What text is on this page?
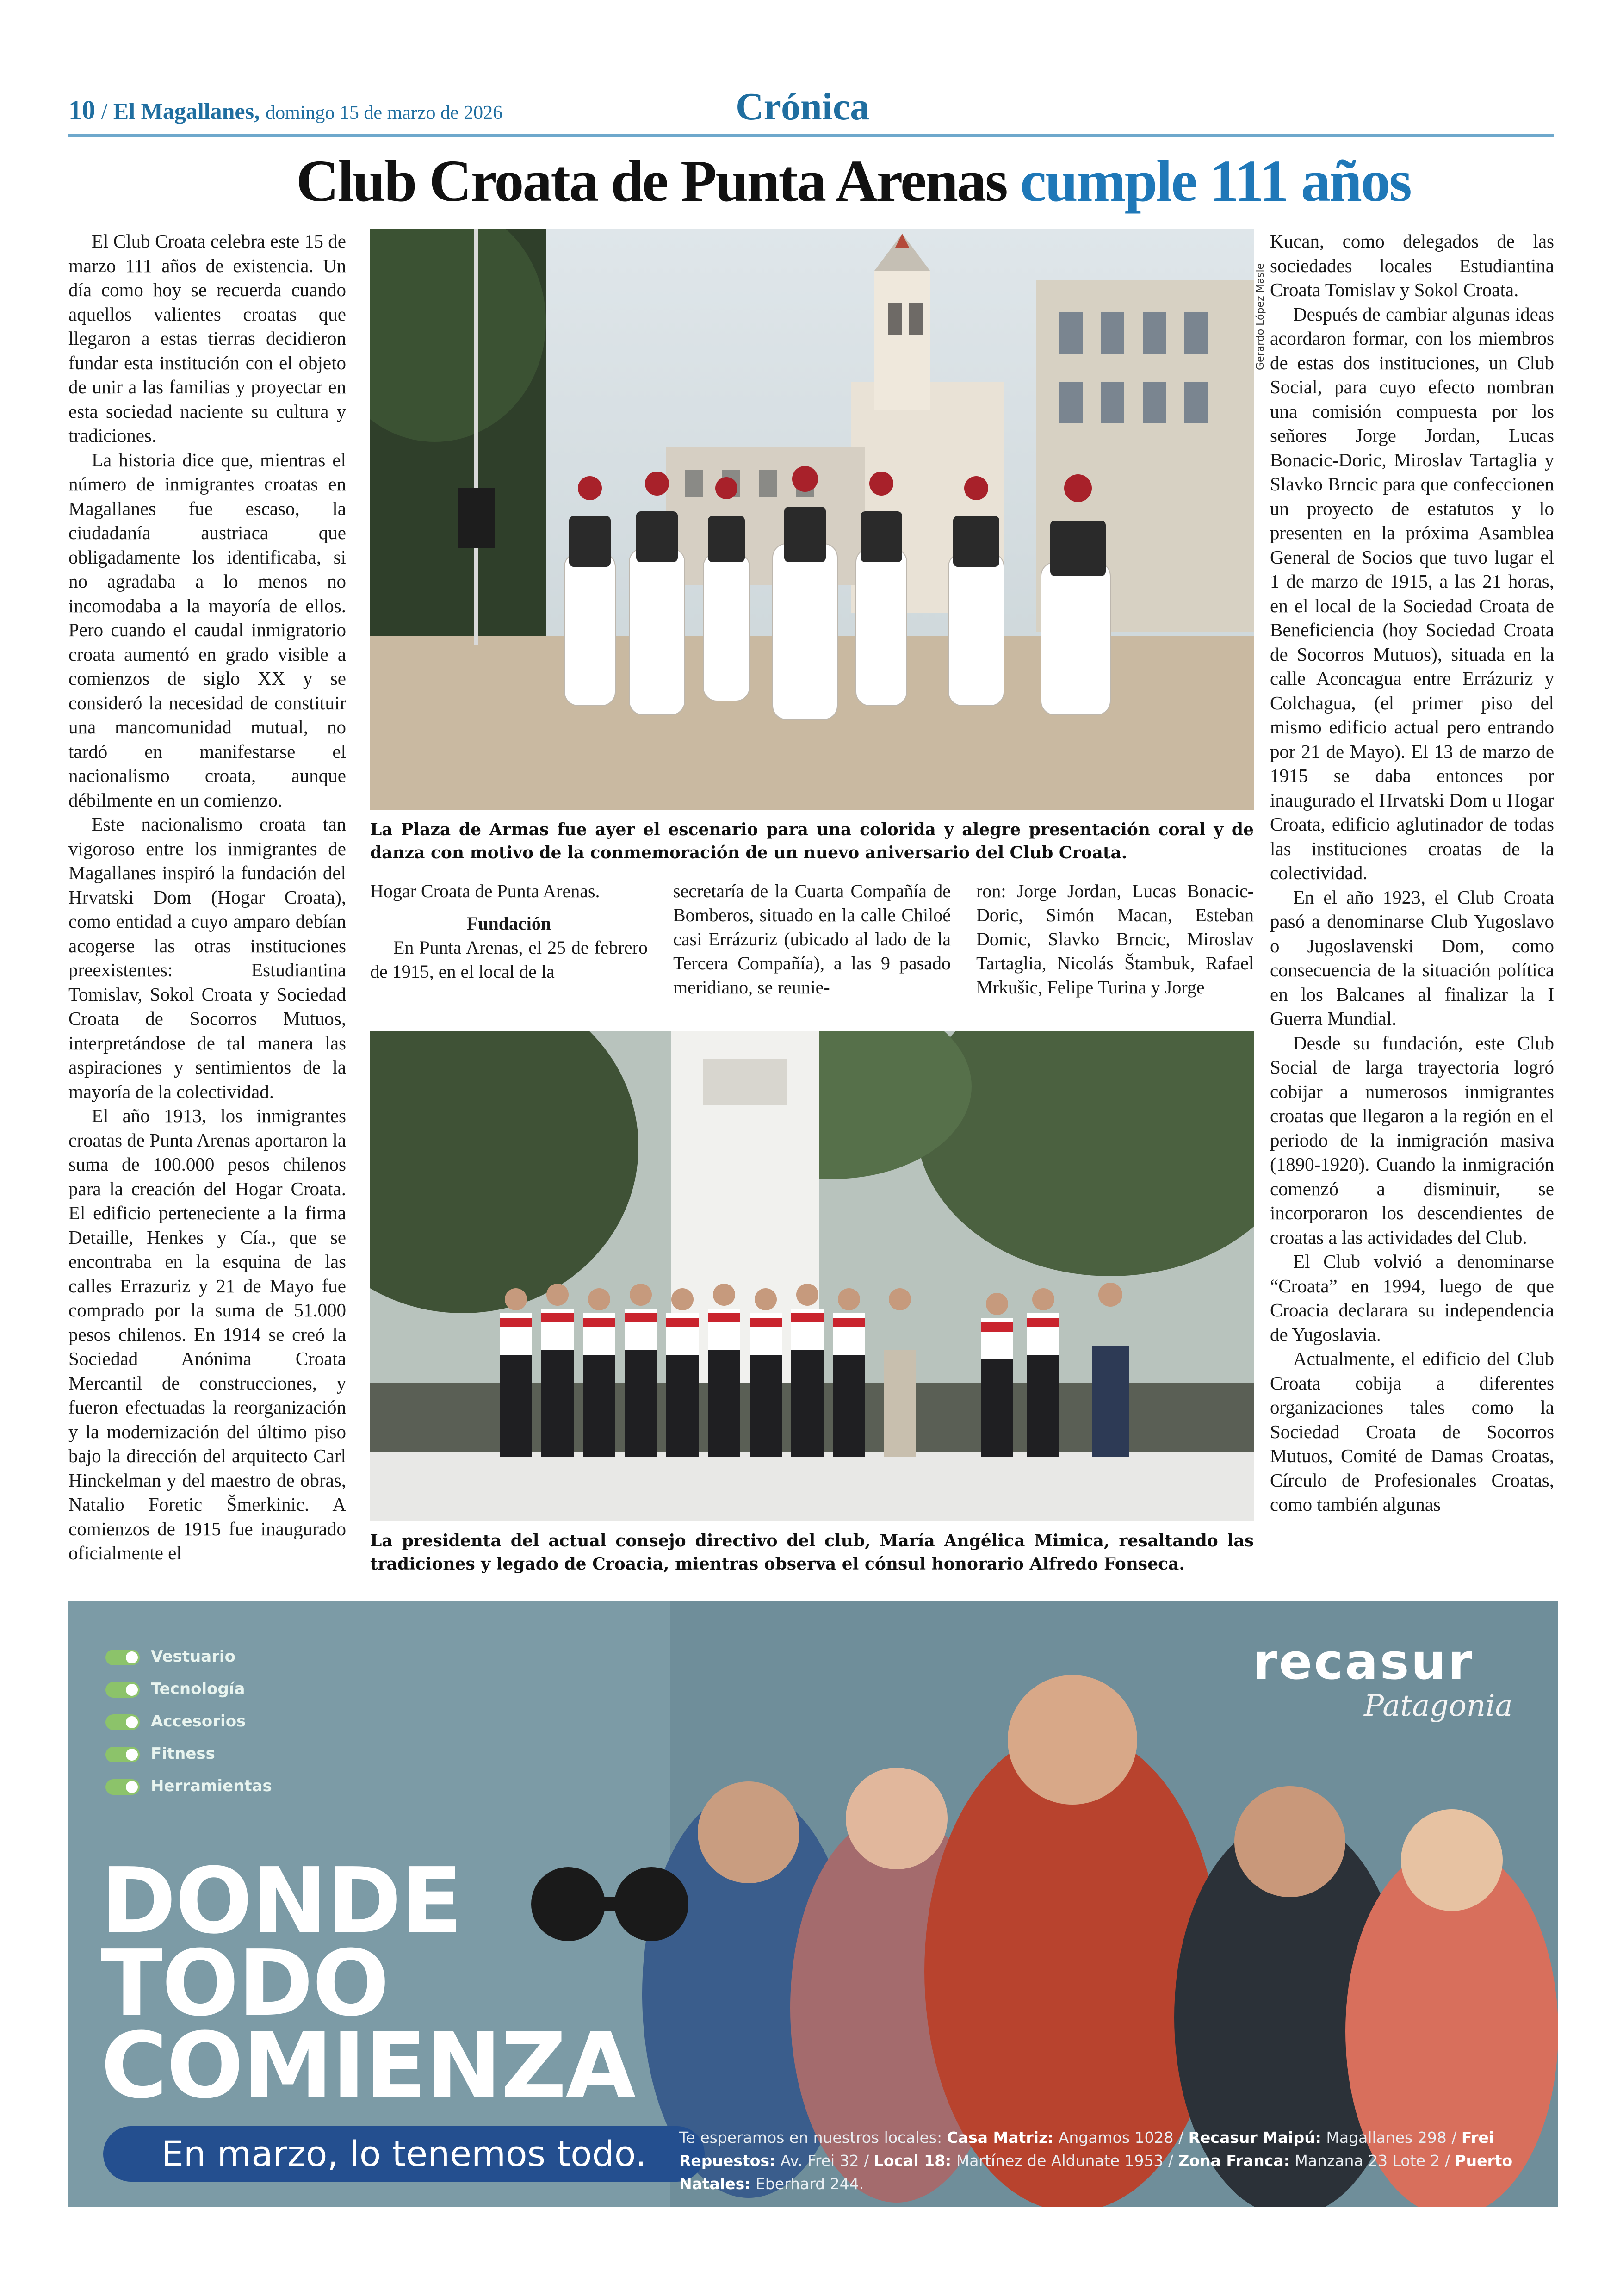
10 / El Magallanes, domingo 15 de marzo de 2026	Crónica
Club Croata de Punta Arenas cumple 111 años

El Club Croata celebra este 15 de marzo 111 años de existencia. Un día como hoy se recuerda cuando aquellos valientes croatas que llegaron a estas tierras decidieron fundar esta institución con el objeto de unir a las familias y proyectar en esta sociedad naciente su cultura y tradiciones.

La historia dice que, mientras el número de inmigrantes croatas en Magallanes fue escaso, la ciudadanía austriaca que obligadamente los identificaba, si no agradaba a lo menos no incomodaba a la mayoría de ellos. Pero cuando el caudal inmigratorio croata aumentó en grado visible a comienzos de siglo XX y se consideró la necesidad de constituir una mancomunidad mutual, no tardó en manifestarse el nacionalismo croata, aunque débilmente en un comienzo.

Este nacionalismo croata tan vigoroso entre los inmigrantes de Magallanes inspiró la fundación del Hrvatski Dom (Hogar Croata), como entidad a cuyo amparo debían acogerse las otras instituciones preexistentes: Estudiantina Tomislav, Sokol Croata y Sociedad Croata de Socorros Mutuos, interpretándose de tal manera las aspiraciones y sentimientos de la mayoría de la colectividad.

El año 1913, los inmigrantes croatas de Punta Arenas aportaron la suma de 100.000 pesos chilenos para la creación del Hogar Croata. El edificio perteneciente a la firma Detaille, Henkes y Cía., que se encontraba en la esquina de las calles Errazuriz y 21 de Mayo fue comprado por la suma de 51.000 pesos chilenos. En 1914 se creó la Sociedad Anónima Croata Mercantil de construcciones, y fueron efectuadas la reorganización y la modernización del último piso bajo la dirección del arquitecto Carl Hinckelman y del maestro de obras, Natalio Foretic Šmerkinic. A comienzos de 1915 fue inaugurado oficialmente el

Gerardo López Masle
La Plaza de Armas fue ayer el escenario para una colorida y alegre presentación coral y de danza con motivo de la conmemoración de un nuevo aniversario del Club Croata.

Hogar Croata de Punta Arenas.

Fundación

En Punta Arenas, el 25 de febrero de 1915, en el local de la

secretaría de la Cuarta Compañía de Bomberos, situado en la calle Chiloé casi Errázuriz (ubicado al lado de la Tercera Compañía), a las 9 pasado meridiano, se reunie-

ron: Jorge Jordan, Lucas Bonacic-Doric, Simón Macan, Esteban Domic, Slavko Brncic, Miroslav Tartaglia, Nicolás Štambuk, Rafael Mrkušic, Felipe Turina y Jorge

La presidenta del actual consejo directivo del club, María Angélica Mimica, resaltando las tradiciones y legado de Croacia, mientras observa el cónsul honorario Alfredo Fonseca.

Kucan, como delegados de las sociedades locales Estudiantina Croata Tomislav y Sokol Croata.

Después de cambiar algunas ideas acordaron formar, con los miembros de estas dos instituciones, un Club Social, para cuyo efecto nombran una comisión compuesta por los señores Jorge Jordan, Lucas Bonacic-Doric, Miroslav Tartaglia y Slavko Brncic para que confeccionen un proyecto de estatutos y lo presenten en la próxima Asamblea General de Socios que tuvo lugar el 1 de marzo de 1915, a las 21 horas, en el local de la Sociedad Croata de Beneficiencia (hoy Sociedad Croata de Socorros Mutuos), situada en la calle Aconcagua entre Errázuriz y Colchagua, (el primer piso del mismo edificio actual pero entrando por 21 de Mayo). El 13 de marzo de 1915 se daba entonces por inaugurado el Hrvatski Dom u Hogar Croata, edificio aglutinador de todas las instituciones croatas de la colectividad.

En el año 1923, el Club Croata pasó a denominarse Club Yugoslavo o Jugoslavenski Dom, como consecuencia de la situación política en los Balcanes al finalizar la I Guerra Mundial.

Desde su fundación, este Club Social de larga trayectoria logró cobijar a numerosos inmigrantes croatas que llegaron a la región en el periodo de la inmigración masiva (1890-1920). Cuando la inmigración comenzó a disminuir, se incorporaron los descendientes de croatas a las actividades del Club.

El Club volvió a denominarse “Croata” en 1994, luego de que Croacia declarara su independencia de Yugoslavia.

Actualmente, el edificio del Club Croata cobija a diferentes organizaciones tales como la Sociedad Croata de Socorros Mutuos, Comité de Damas Croatas, Círculo de Profesionales Croatas, como también algunas

Vestuario
Tecnología
Accesorios
Fitness
Herramientas
recasur
Patagonia
DONDE
TODO
COMIENZA
En marzo, lo tenemos todo.	Te esperamos en nuestros locales: Casa Matriz: Angamos 1028 / Recasur Maipú: Magallanes 298 / Frei Repuestos: Av. Frei 32 / Local 18: Martínez de Aldunate 1953 / Zona Franca: Manzana 23 Lote 2 / Puerto Natales: Eberhard 244.
